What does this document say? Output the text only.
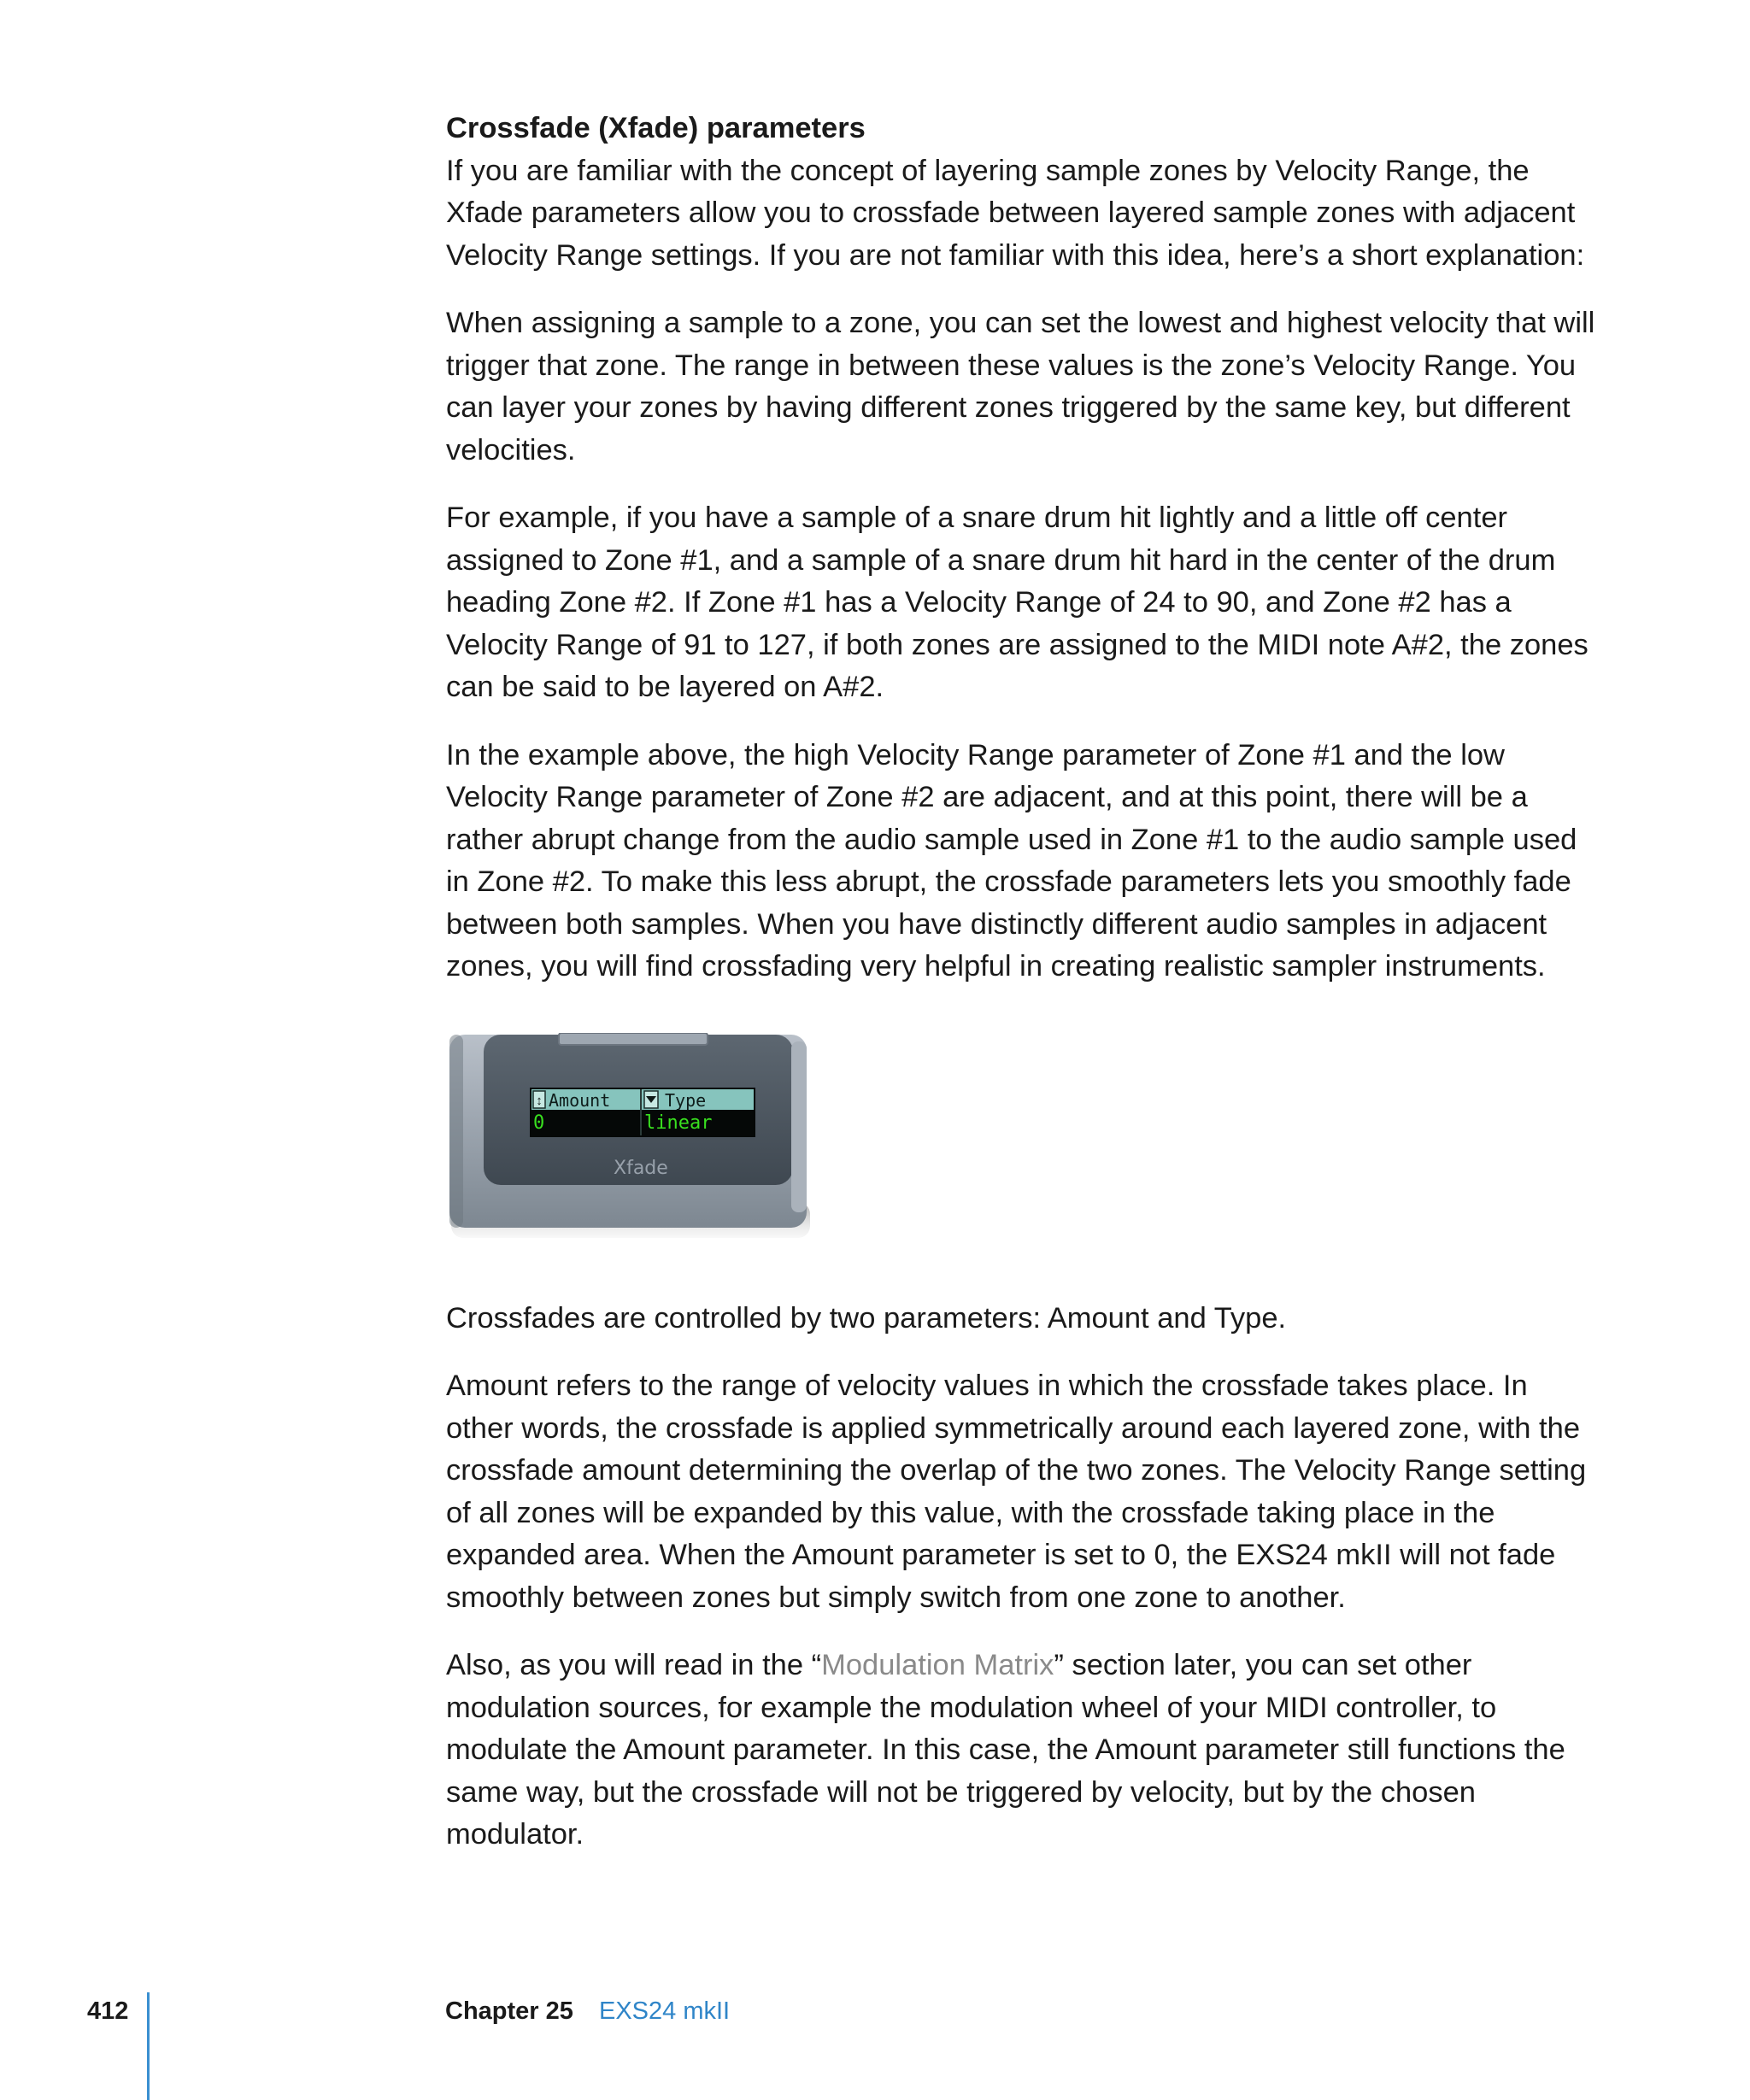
Crossfade (Xfade) parameters

If you are familiar with the concept of layering sample zones by Velocity Range, the Xfade parameters allow you to crossfade between layered sample zones with adjacent Velocity Range settings. If you are not familiar with this idea, here’s a short explanation:

When assigning a sample to a zone, you can set the lowest and highest velocity that will trigger that zone. The range in between these values is the zone’s Velocity Range. You can layer your zones by having different zones triggered by the same key, but different velocities.

For example, if you have a sample of a snare drum hit lightly and a little off center assigned to Zone #1, and a sample of a snare drum hit hard in the center of the drum heading Zone #2. If Zone #1 has a Velocity Range of 24 to 90, and Zone #2 has a Velocity Range of 91 to 127, if both zones are assigned to the MIDI note A#2, the zones can be said to be layered on A#2.

In the example above, the high Velocity Range parameter of Zone #1 and the low Velocity Range parameter of Zone #2 are adjacent, and at this point, there will be a rather abrupt change from the audio sample used in Zone #1 to the audio sample used in Zone #2. To make this less abrupt, the crossfade parameters lets you smoothly fade between both samples. When you have distinctly different audio samples in adjacent zones, you will find crossfading very helpful in creating realistic sampler instruments.

↕ Amount	Type
0	linear
Xfade

Crossfades are controlled by two parameters: Amount and Type.

Amount refers to the range of velocity values in which the crossfade takes place. In other words, the crossfade is applied symmetrically around each layered zone, with the crossfade amount determining the overlap of the two zones. The Velocity Range setting of all zones will be expanded by this value, with the crossfade taking place in the expanded area. When the Amount parameter is set to 0, the EXS24 mkII will not fade smoothly between zones but simply switch from one zone to another.

Also, as you will read in the “Modulation Matrix” section later, you can set other modulation sources, for example the modulation wheel of your MIDI controller, to modulate the Amount parameter. In this case, the Amount parameter still functions the same way, but the crossfade will not be triggered by velocity, but by the chosen modulator.

412	Chapter 25 EXS24 mkII
